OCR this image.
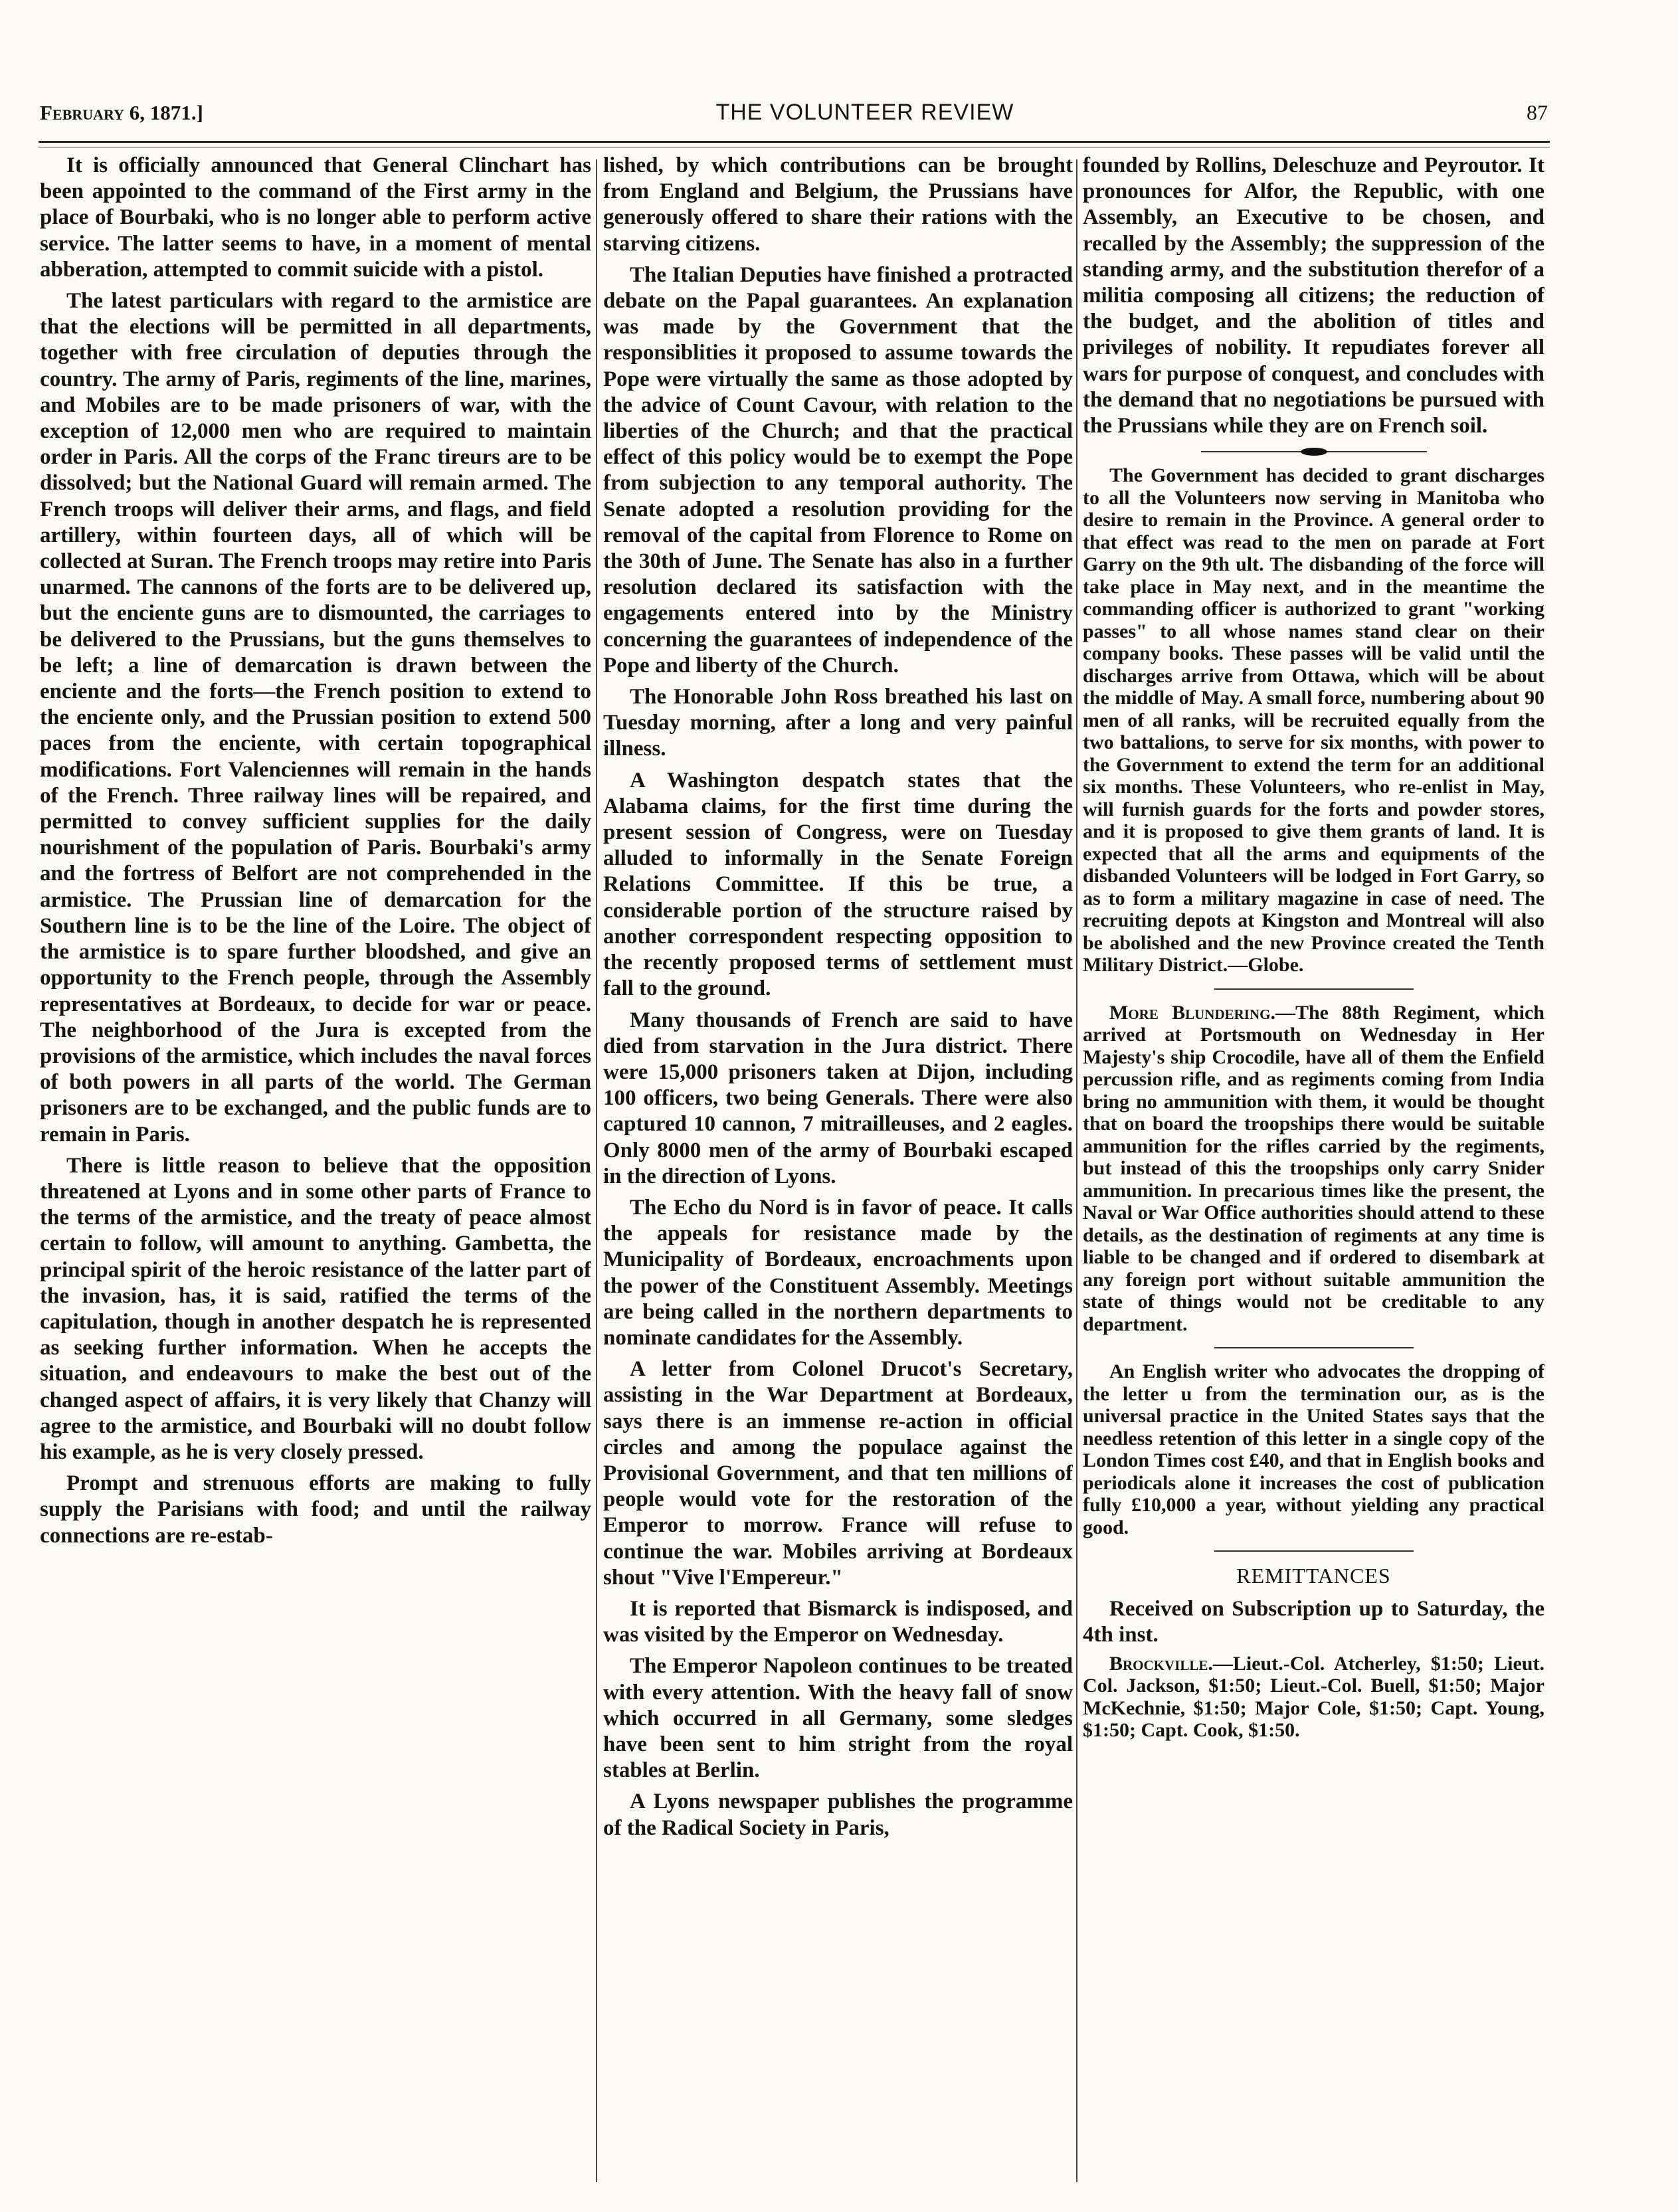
February 6, 1871.]	THE VOLUNTEER REVIEW	87

It is officially announced that General Clinchart has been appointed to the command of the First army in the place of Bourbaki, who is no longer able to perform active service. The latter seems to have, in a moment of mental abberation, attempted to commit suicide with a pistol.

The latest particulars with regard to the armistice are that the elections will be permitted in all departments, together with free circulation of deputies through the country. The army of Paris, regiments of the line, marines, and Mobiles are to be made prisoners of war, with the exception of 12,000 men who are required to maintain order in Paris. All the corps of the Franc tireurs are to be dissolved; but the National Guard will remain armed. The French troops will deliver their arms, and flags, and field artillery, within fourteen days, all of which will be collected at Suran. The French troops may retire into Paris unarmed. The cannons of the forts are to be delivered up, but the enciente guns are to dismounted, the carriages to be delivered to the Prussians, but the guns themselves to be left; a line of demarcation is drawn between the enciente and the forts—the French position to extend to the enciente only, and the Prussian position to extend 500 paces from the enciente, with certain topographical modifications. Fort Valenciennes will remain in the hands of the French. Three railway lines will be repaired, and permitted to convey sufficient supplies for the daily nourishment of the population of Paris. Bourbaki's army and the fortress of Belfort are not comprehended in the armistice. The Prussian line of demarcation for the Southern line is to be the line of the Loire. The object of the armistice is to spare further bloodshed, and give an opportunity to the French people, through the Assembly representatives at Bordeaux, to decide for war or peace. The neighborhood of the Jura is excepted from the provisions of the armistice, which includes the naval forces of both powers in all parts of the world. The German prisoners are to be exchanged, and the public funds are to remain in Paris.

There is little reason to believe that the opposition threatened at Lyons and in some other parts of France to the terms of the armistice, and the treaty of peace almost certain to follow, will amount to anything. Gambetta, the principal spirit of the heroic resistance of the latter part of the invasion, has, it is said, ratified the terms of the capitulation, though in another despatch he is represented as seeking further information. When he accepts the situation, and endeavours to make the best out of the changed aspect of affairs, it is very likely that Chanzy will agree to the armistice, and Bourbaki will no doubt follow his example, as he is very closely pressed.

Prompt and strenuous efforts are making to fully supply the Parisians with food; and until the railway connections are re-estab-

lished, by which contributions can be brought from England and Belgium, the Prussians have generously offered to share their rations with the starving citizens.

The Italian Deputies have finished a protracted debate on the Papal guarantees. An explanation was made by the Government that the responsiblities it proposed to assume towards the Pope were virtually the same as those adopted by the advice of Count Cavour, with relation to the liberties of the Church; and that the practical effect of this policy would be to exempt the Pope from subjection to any temporal authority. The Senate adopted a resolution providing for the removal of the capital from Florence to Rome on the 30th of June. The Senate has also in a further resolution declared its satisfaction with the engagements entered into by the Ministry concerning the guarantees of independence of the Pope and liberty of the Church.

The Honorable John Ross breathed his last on Tuesday morning, after a long and very painful illness.

A Washington despatch states that the Alabama claims, for the first time during the present session of Congress, were on Tuesday alluded to informally in the Senate Foreign Relations Committee. If this be true, a considerable portion of the structure raised by another correspondent respecting opposition to the recently proposed terms of settlement must fall to the ground.

Many thousands of French are said to have died from starvation in the Jura district. There were 15,000 prisoners taken at Dijon, including 100 officers, two being Generals. There were also captured 10 cannon, 7 mitrailleuses, and 2 eagles. Only 8000 men of the army of Bourbaki escaped in the direction of Lyons.

The Echo du Nord is in favor of peace. It calls the appeals for resistance made by the Municipality of Bordeaux, encroachments upon the power of the Constituent Assembly. Meetings are being called in the northern departments to nominate candidates for the Assembly.

A letter from Colonel Drucot's Secretary, assisting in the War Department at Bordeaux, says there is an immense re-action in official circles and among the populace against the Provisional Government, and that ten millions of people would vote for the restoration of the Emperor to morrow. France will refuse to continue the war. Mobiles arriving at Bordeaux shout "Vive l'Empereur."

It is reported that Bismarck is indisposed, and was visited by the Emperor on Wednesday.

The Emperor Napoleon continues to be treated with every attention. With the heavy fall of snow which occurred in all Germany, some sledges have been sent to him stright from the royal stables at Berlin.

A Lyons newspaper publishes the programme of the Radical Society in Paris,

founded by Rollins, Deleschuze and Peyroutor. It pronounces for Alfor, the Republic, with one Assembly, an Executive to be chosen, and recalled by the Assembly; the suppression of the standing army, and the substitution therefor of a militia composing all citizens; the reduction of the budget, and the abolition of titles and privileges of nobility. It repudiates forever all wars for purpose of conquest, and concludes with the demand that no negotiations be pursued with the Prussians while they are on French soil.

The Government has decided to grant discharges to all the Volunteers now serving in Manitoba who desire to remain in the Province. A general order to that effect was read to the men on parade at Fort Garry on the 9th ult. The disbanding of the force will take place in May next, and in the meantime the commanding officer is authorized to grant "working passes" to all whose names stand clear on their company books. These passes will be valid until the discharges arrive from Ottawa, which will be about the middle of May. A small force, numbering about 90 men of all ranks, will be recruited equally from the two battalions, to serve for six months, with power to the Government to extend the term for an additional six months. These Volunteers, who re-enlist in May, will furnish guards for the forts and powder stores, and it is proposed to give them grants of land. It is expected that all the arms and equipments of the disbanded Volunteers will be lodged in Fort Garry, so as to form a military magazine in case of need. The recruiting depots at Kingston and Montreal will also be abolished and the new Province created the Tenth Military District.—Globe.

More Blundering.—The 88th Regiment, which arrived at Portsmouth on Wednesday in Her Majesty's ship Crocodile, have all of them the Enfield percussion rifle, and as regiments coming from India bring no ammunition with them, it would be thought that on board the troopships there would be suitable ammunition for the rifles carried by the regiments, but instead of this the troopships only carry Snider ammunition. In precarious times like the present, the Naval or War Office authorities should attend to these details, as the destination of regiments at any time is liable to be changed and if ordered to disembark at any foreign port without suitable ammunition the state of things would not be creditable to any department.

An English writer who advocates the dropping of the letter u from the termination our, as is the universal practice in the United States says that the needless retention of this letter in a single copy of the London Times cost £40, and that in English books and periodicals alone it increases the cost of publication fully £10,000 a year, without yielding any practical good.

REMITTANCES

Received on Subscription up to Saturday, the 4th inst.

Brockville.—Lieut.-Col. Atcherley, $1:50; Lieut. Col. Jackson, $1:50; Lieut.-Col. Buell, $1:50; Major McKechnie, $1:50; Major Cole, $1:50; Capt. Young, $1:50; Capt. Cook, $1:50.
